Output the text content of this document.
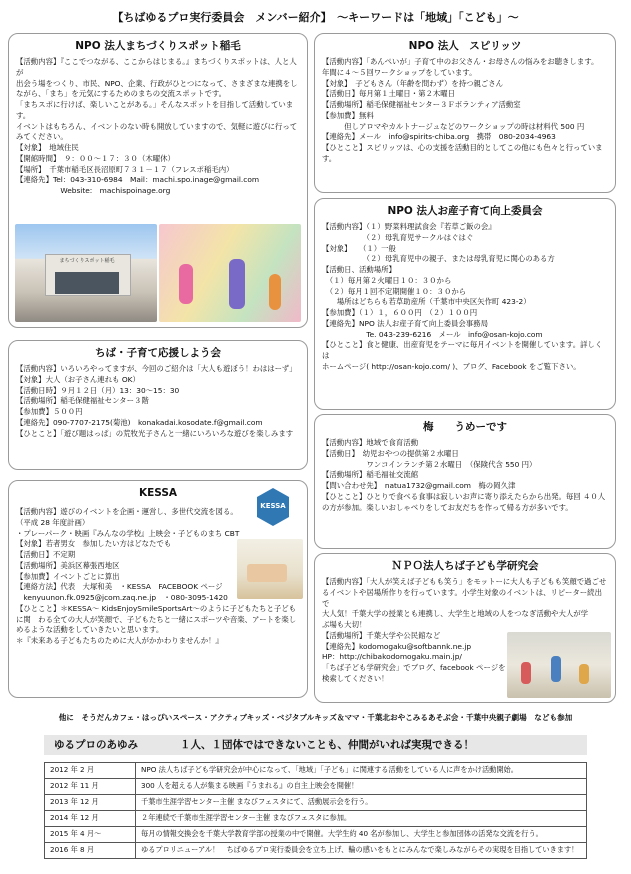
【ちばゆるプロ実行委員会　メンバー紹介】　～キーワードは「地域」「こども」～
NPO 法人まちづくりスポット稲毛

【活動内容】『ここでつながる、ここからはじまる。』まちづくりスポットは、人と人が

出会う場をつくり、市民、NPO、企業、行政がひとつになって、さまざまな連携をし

ながら、「まち」を元気にするためのまちの交流スポットです。

「まちスポに行けば、楽しいことがある。」そんなスポットを目指して活動しています。

イベントはもちろん、イベントのない時も開放していますので、気軽に遊びに行って

みてください。

【対象】　地域住民

【開館時間】　９：００～１７：３０（木曜休）

【場所】　千葉市稲毛区長沼原町７３１－１７（フレスポ稲毛内）

【連絡先】Tel：043-310-6984　Mail：machi.spo.inage@gmail.com

　　　　　　Website:　machispoinage.org

まちづくりスポット稲毛
ちば・子育て応援しよう会

【活動内容】いろいろやってますが、今回のご紹介は「大人も遊ぼう！わははーず」

【対象】大人（お子さん連れも OK）

【活動日時】９月１２日（月）13：30～15：30

【活動場所】稲毛保健福祉センター３階

【参加費】５００円

【連絡先】090-7707-2175(菊池)　konakadai.kosodate.f@gmail.com

【ひとこと】「遊び題はっぱ」の荒牧光子さんと一緒にいろいろな遊びを楽しみます

KESSA

【活動内容】遊びのイベントを企画・運営し、多世代交流を図る。

（平成 28 年度計画）

・プレーパーク・映画『みんなの学校』上映会・子どものまち CBT

【対象】若者男女　参加したい方はどなたでも

【活動日】不定期

【活動場所】美浜区幕張西地区

【参加費】イベントごとに算出

【連絡方法】代表　大塚和美　・KESSA　FACEBOOK ページ

　kenyuunon.fk.0925@jcom.zaq.ne.jp　・080-3095-1420

【ひとこと】＊KESSA～ KidsEnjoySmileSportsArt～のように子どもたちと子ども

に関　わる全ての大人が笑顔で、子どもたちと一緒にスポーツや音楽、アートを楽し

めるような活動をしていきたいと思います。

＊『未来ある子どもたちのために大人がかかわりませんか！』

KESSA
NPO 法人　スピリッツ

【活動内容】「あんぺいが」子育て中のお父さん・お母さんの悩みをお聴きします。

年間に４～５回ワークショップをしています。

【対象】　子どもさん（年齢を問わず）を持つ親ごさん

【活動日】毎月第１土曜日・第２木曜日

【活動場所】稲毛保健福祉センター３Ｆボランティア活動室

【参加費】無料

　　　但しアロマやカルトナージュなどのワークショップの時は材料代 500 円

【連絡先】メール　info@spirits-chiba.org　携帯　080-2034-4963

【ひとこと】スピリッツは、心の支援を活動目的としてこの他にも色々と行っています。

NPO 法人お産子育て向上委員会

【活動内容】（１）野菜料理試食会『若草ご飯の会』

　　　　　　（２）母乳育児サークルはぐはぐ

【対象】　　（１）一般

　　　　　　（２）母乳育児中の親子、または母乳育児に関心のある方

【活動日、活動場所】

　（１）毎月第２火曜日１０：３０から

　（２）毎月１回不定期開催１０：３０から

　　場所はどちらも若草助産所（千葉市中央区矢作町 423-2）

【参加費】（１）１，６００円　（２）１００円

【連絡先】NPO 法人お産子育て向上委員会事務局

　　　　　　Te. 043-239-6216　メール　info@osan-kojo.com

【ひとこと】食と健康、出産育児をテーマに毎月イベントを開催しています。詳しくは

ホームページ( http://osan-kojo.com/ )、ブログ、Facebook をご覧下さい。

梅　　うめーです

【活動内容】地域で食育活動

【活動日】　幼児おやつの提供第２水曜日

　　　　　　ワンコインランチ第２水曜日　（保険代含 550 円）

【活動場所】稲毛福祉交流館

【問い合わせ先】　natua1732@gmail.com　梅の岡久津

【ひとこと】ひとりで食べる食事は寂しいお声に寄り添えたらから出発。毎回 ４０人

の方が参加。楽しいおしゃべりをしてお友だちを作って帰る方が多いです。

ＮＰＯ法人ちば子ども学研究会

【活動内容】「大人が笑えば子どもも笑う」をモットーに大人も子どもも笑顔で過ごせ

るイベントや居場所作りを行っています。小学生対象のイベントは、リピーター続出で

大人気！千葉大学の授業とも連携し、大学生と地域の人をつなぎ活動や大人が学

ぶ場も大切！

【活動場所】千葉大学や公民館など

【連絡先】kodomogaku@softbannk.ne.jp

HP：http://chibakodomogaku.main.jp/

「ちば子ども学研究会」でブログ、facebook ページを

検索してください！

他に　そうだんカフェ・はっぴいスペース・アクティブキッズ・ベジタブルキッズ＆ママ・千葉北おやこみるあそぶ会・千葉中央親子劇場　なども参加
ゆるプロのあゆみ	１人、１団体ではできないことも、仲間がいれば実現できる！
2012 年 2 月	NPO 法人ちば子ども学研究会が中心になって、「地域」「子ども」に関連する活動をしている人に声をかけ活動開始。
2012 年 11 月	300 人を超える人が集まる映画『うまれる』の自主上映会を開催！
2013 年 12 月	千葉市生涯学習センター主催 まなびフェスタにて、活動展示会を行う。
2014 年 12 月	２年連続で千葉市生涯学習センター主催 まなびフェスタに参加。
2015 年 4 月～	毎月の情報交換会を千葉大学教育学部の授業の中で開催。大学生約 40 名が参加し、大学生と参加団体の活発な交流を行う。
2016 年 8 月	ゆるプロリニューアル！　ちばゆるプロ実行委員会を立ち上げ、輪の感いをもとにみんなで楽しみながらその実現を目指していきます！
